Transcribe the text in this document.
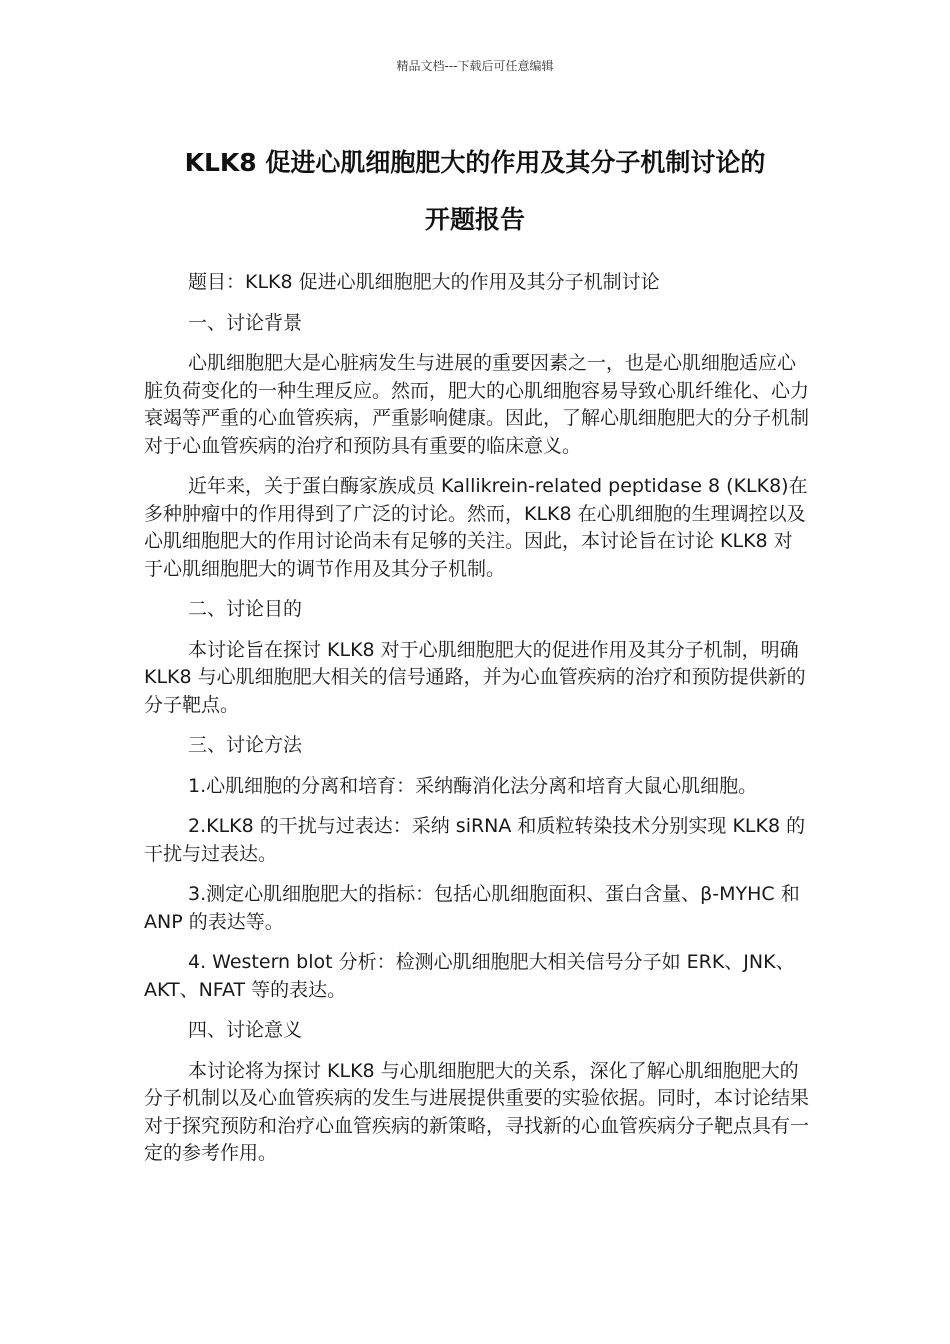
精品文档---下载后可任意编辑
KLK8 促进心肌细胞肥大的作用及其分子机制讨论的
开题报告

题目：KLK8 促进心肌细胞肥大的作用及其分子机制讨论

一、讨论背景

心肌细胞肥大是心脏病发生与进展的重要因素之一，也是心肌细胞适应心脏负荷变化的一种生理反应。然而，肥大的心肌细胞容易导致心肌纤维化、心力衰竭等严重的心血管疾病，严重影响健康。因此，了解心肌细胞肥大的分子机制对于心血管疾病的治疗和预防具有重要的临床意义。

近年来，关于蛋白酶家族成员 Kallikrein-related peptidase 8 (KLK8)在多种肿瘤中的作用得到了广泛的讨论。然而，KLK8 在心肌细胞的生理调控以及心肌细胞肥大的作用讨论尚未有足够的关注。因此，本讨论旨在讨论 KLK8 对于心肌细胞肥大的调节作用及其分子机制。

二、讨论目的

本讨论旨在探讨 KLK8 对于心肌细胞肥大的促进作用及其分子机制，明确 KLK8 与心肌细胞肥大相关的信号通路，并为心血管疾病的治疗和预防提供新的分子靶点。

三、讨论方法

1.心肌细胞的分离和培育：采纳酶消化法分离和培育大鼠心肌细胞。

2.KLK8 的干扰与过表达：采纳 siRNA 和质粒转染技术分别实现 KLK8 的干扰与过表达。

3.测定心肌细胞肥大的指标：包括心肌细胞面积、蛋白含量、β-MYHC 和 ANP 的表达等。

4. Western blot 分析：检测心肌细胞肥大相关信号分子如 ERK、JNK、AKT、NFAT 等的表达。

四、讨论意义

本讨论将为探讨 KLK8 与心肌细胞肥大的关系，深化了解心肌细胞肥大的分子机制以及心血管疾病的发生与进展提供重要的实验依据。同时，本讨论结果对于探究预防和治疗心血管疾病的新策略，寻找新的心血管疾病分子靶点具有一定的参考作用。
